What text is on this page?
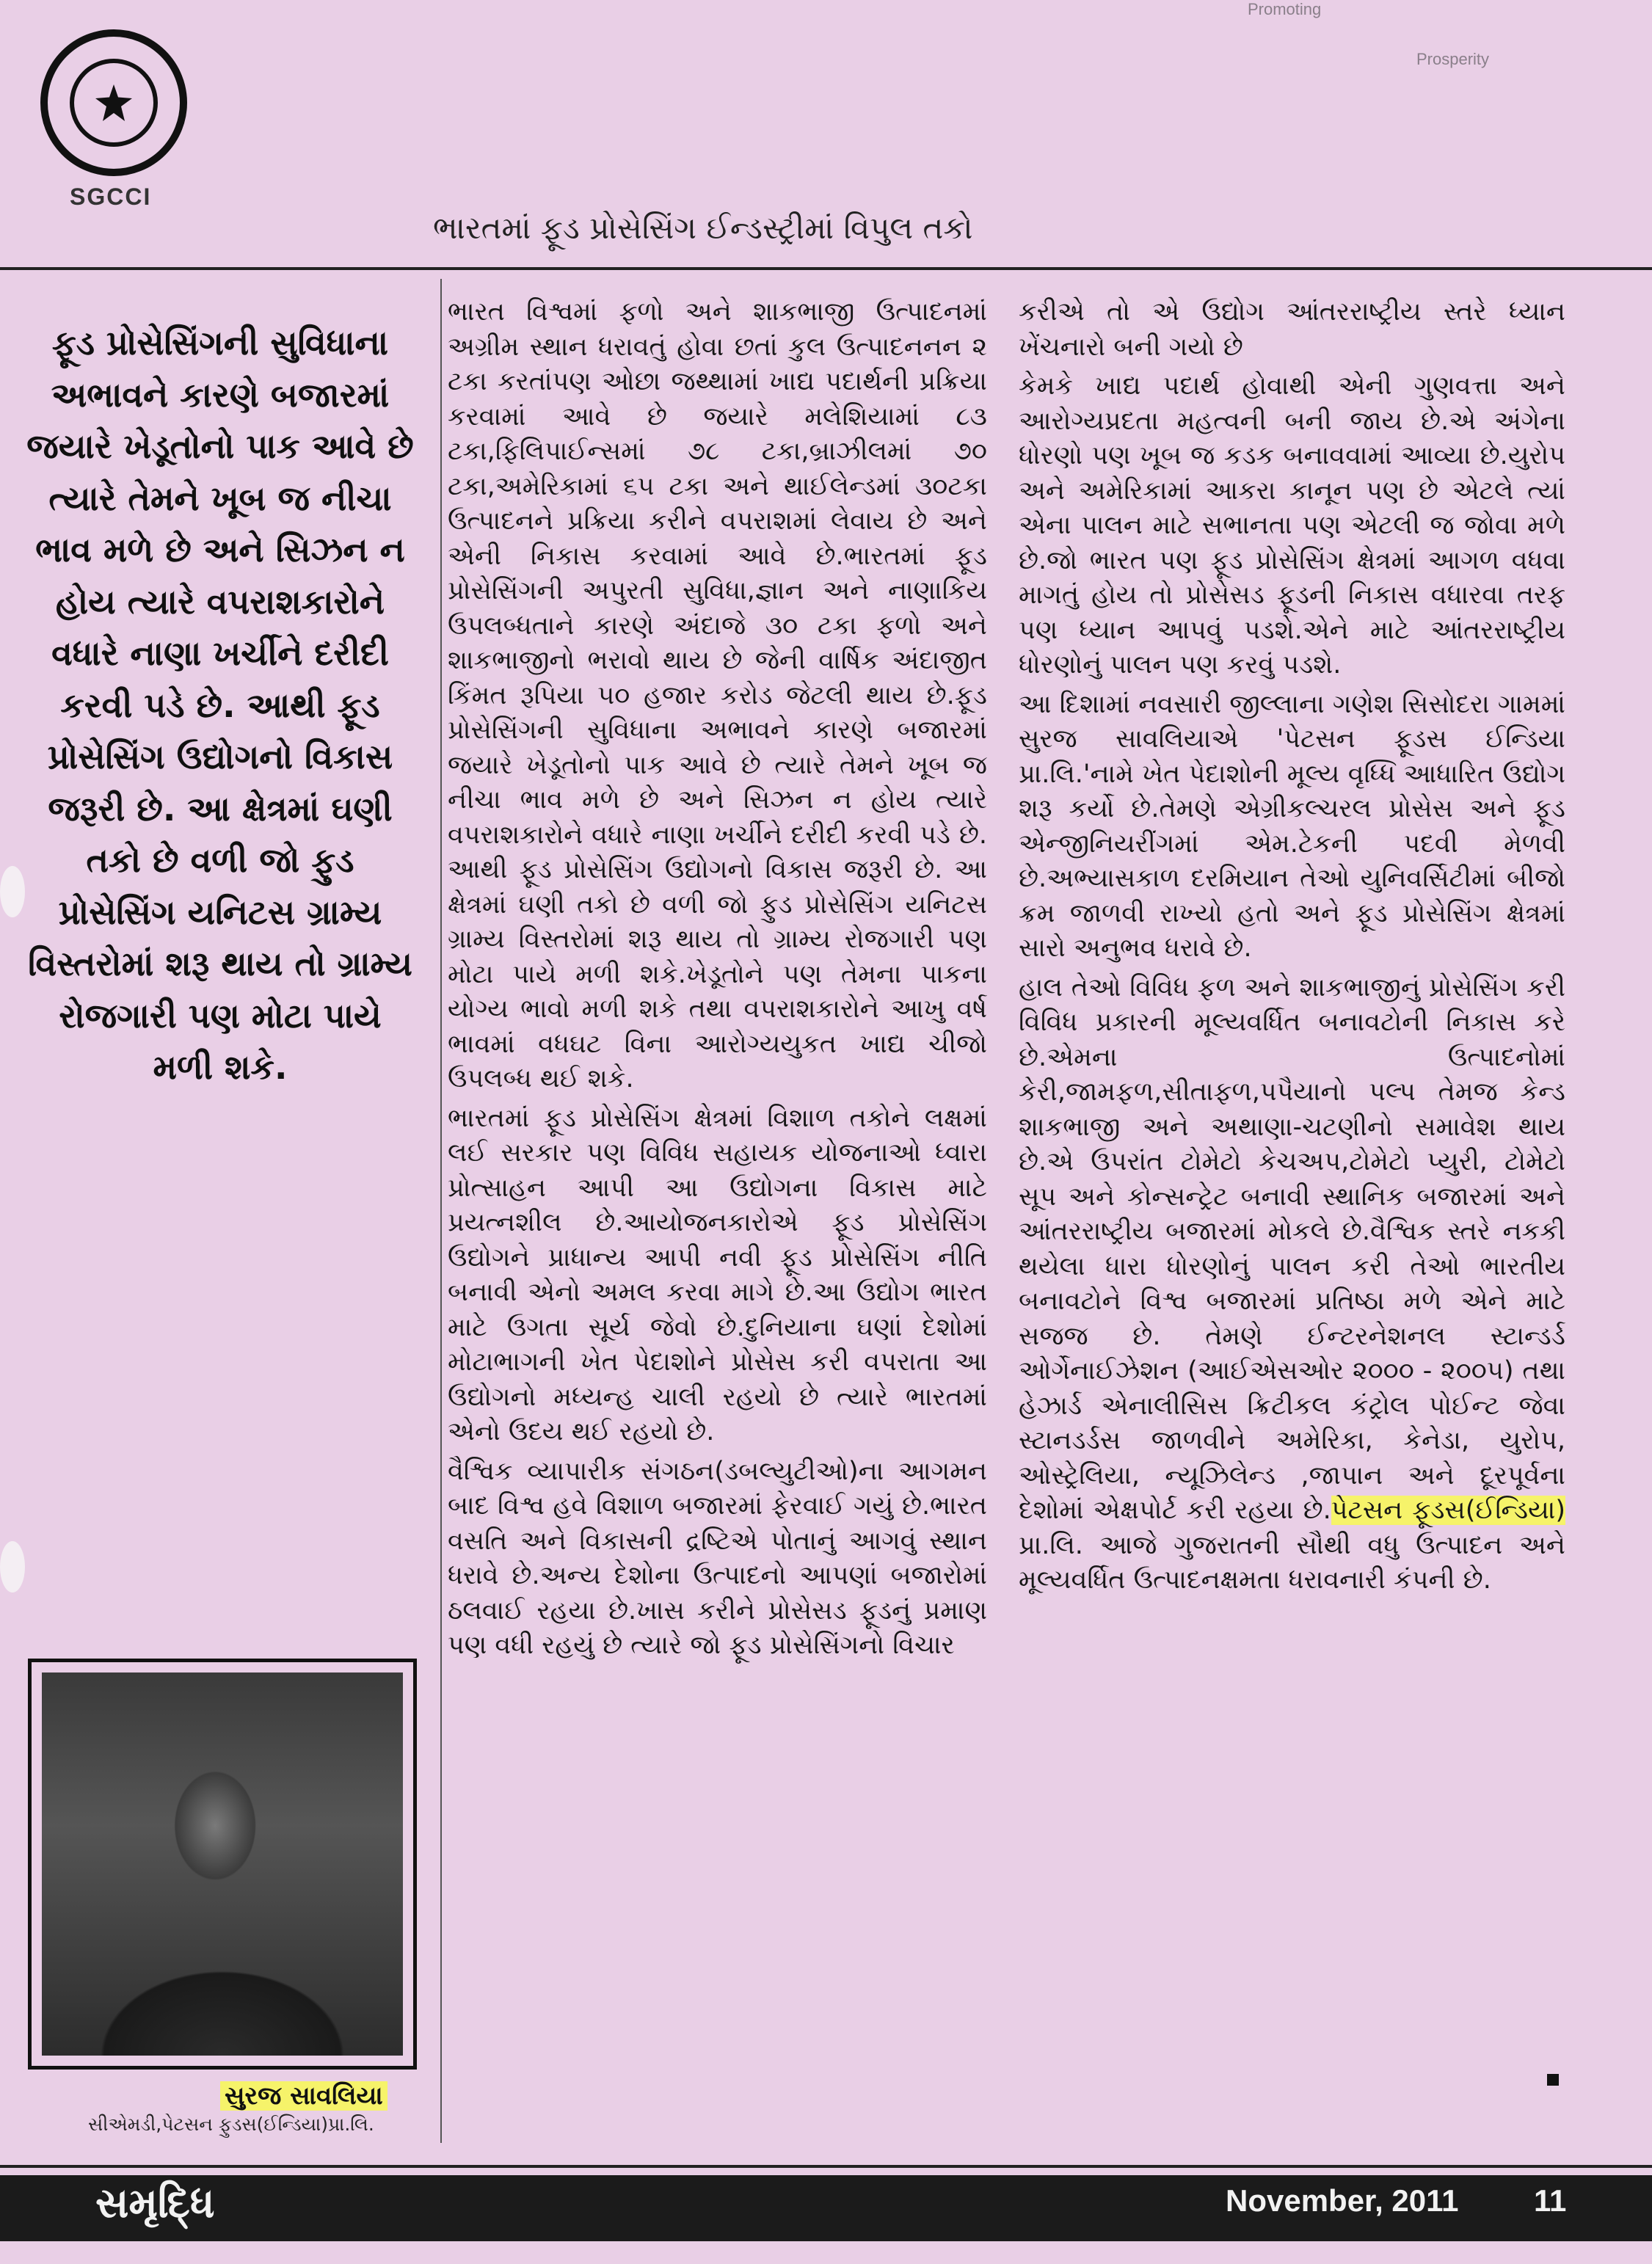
Promoting
Prosperity
SGCCI
ભારતમાં ફૂડ પ્રોસેસિંગ ઈન્ડસ્ટ્રીમાં વિપુલ તકો
ફૂડ પ્રોસેસિંગની સુવિધાના અભાવને કારણે બજારમાં જયારે ખેડૂતોનો પાક આવે છે ત્યારે તેમને ખૂબ જ નીચા ભાવ મળે છે અને સિઝન ન હોય ત્યારે વપરાશકારોને વધારે નાણા ખર્ચીને દરીદી કરવી પડે છે. આથી ફૂડ પ્રોસેસિંગ ઉદ્યોગનો વિકાસ જરૂરી છે. આ ક્ષેત્રમાં ઘણી તકો છે વળી જો ફુડ પ્રોસેસિંગ યનિટસ ગ્રામ્ય વિસ્તરોમાં શરૂ થાય તો ગ્રામ્ય રોજગારી પણ મોટા પાયે મળી શકે.
સુરજ સાવલિયા
સીએમડી,પેટસન ફુડસ(ઈન્ડિયા)પ્રા.લિ.

ભારત વિશ્વમાં ફળો અને શાકભાજી ઉત્પાદનમાં અગ્રીમ સ્થાન ધરાવતું હોવા છતાં કુલ ઉત્પાદનનન ૨ ટકા કરતાંપણ ઓછા જથ્થામાં ખાદ્ય પદાર્થની પ્રક્રિયા કરવામાં આવે છે જયારે મલેશિયામાં ૮૩ ટકા,ફિલિપાઈન્સમાં ૭૮ ટકા,બ્રાઝીલમાં ૭૦ ટકા,અમેરિકામાં ૬૫ ટકા અને થાઈલેન્ડમાં ૩૦ટકા ઉત્પાદનને પ્રક્રિયા કરીને વપરાશમાં લેવાય છે અને એની નિકાસ કરવામાં આવે છે.ભારતમાં ફૂડ પ્રોસેસિંગની અપુરતી સુવિધા,જ્ઞાન અને નાણાકિય ઉપલબ્ધતાને કારણે અંદાજે ૩૦ ટકા ફળો અને શાકભાજીનો ભરાવો થાય છે જેની વાર્ષિક અંદાજીત કિંમત રૂપિયા ૫૦ હજાર કરોડ જેટલી થાય છે.ફૂડ પ્રોસેસિંગની સુવિધાના અભાવને કારણે બજારમાં જયારે ખેડૂતોનો પાક આવે છે ત્યારે તેમને ખૂબ જ નીચા ભાવ મળે છે અને સિઝન ન હોય ત્યારે વપરાશકારોને વધારે નાણા ખર્ચીને દરીદી કરવી પડે છે. આથી ફૂડ પ્રોસેસિંગ ઉદ્યોગનો વિકાસ જરૂરી છે. આ ક્ષેત્રમાં ઘણી તકો છે વળી જો ફુડ પ્રોસેસિંગ યનિટસ ગ્રામ્ય વિસ્તરોમાં શરૂ થાય તો ગ્રામ્ય રોજગારી પણ મોટા પાયે મળી શકે.ખેડૂતોને પણ તેમના પાકના યોગ્ય ભાવો મળી શકે તથા વપરાશકારોને આખુ વર્ષ ભાવમાં વધઘટ વિના આરોગ્યયુકત ખાદ્ય ચીજો ઉપલબ્ધ થઈ શકે.

ભારતમાં ફૂડ પ્રોસેસિંગ ક્ષેત્રમાં વિશાળ તકોને લક્ષમાં લઈ સરકાર પણ વિવિધ સહાયક યોજનાઓ ધ્વારા પ્રોત્સાહન આપી આ ઉદ્યોગના વિકાસ માટે પ્રયત્નશીલ છે.આયોજનકારોએ ફૂડ પ્રોસેસિંગ ઉદ્યોગને પ્રાધાન્ય આપી નવી ફૂડ પ્રોસેસિંગ નીતિ બનાવી એનો અમલ કરવા માગે છે.આ ઉદ્યોગ ભારત માટે ઉગતા સૂર્ય જેવો છે.દુનિયાના ઘણાં દેશોમાં મોટાભાગની ખેત પેદાશોને પ્રોસેસ કરી વપરાતા આ ઉદ્યોગનો મધ્યન્હ ચાલી રહયો છે ત્યારે ભારતમાં એનો ઉદય થઈ રહયો છે.

વૈશ્વિક વ્યાપારીક સંગઠન(ડબલ્યુટીઓ)ના આગમન બાદ વિશ્વ હવે વિશાળ બજારમાં ફેરવાઈ ગયું છે.ભારત વસતિ અને વિકાસની દ્રષ્ટિએ પોતાનું આગવું સ્થાન ધરાવે છે.અન્ય દેશોના ઉત્પાદનો આપણાં બજારોમાં ઠલવાઈ રહયા છે.ખાસ કરીને પ્રોસેસડ ફૂડનું પ્રમાણ પણ વધી રહયું છે ત્યારે જો ફૂડ પ્રોસેસિંગનો વિચાર

કરીએ તો એ ઉદ્યોગ આંતરરાષ્ટ્રીય સ્તરે ધ્યાન ખેંચનારો બની ગયો છે

કેમકે ખાદ્ય પદાર્થ હોવાથી એની ગુણવત્તા અને આરોગ્યપ્રદતા મહત્વની બની જાય છે.એ અંગેના ધોરણો પણ ખૂબ જ કડક બનાવવામાં આવ્યા છે.યુરોપ અને અમેરિકામાં આકરા કાનૂન પણ છે એટલે ત્યાં એના પાલન માટે સભાનતા પણ એટલી જ જોવા મળે છે.જો ભારત પણ ફૂડ પ્રોસેસિંગ ક્ષેત્રમાં આગળ વધવા માગતું હોય તો પ્રોસેસડ ફૂડની નિકાસ વધારવા તરફ પણ ધ્યાન આપવું પડશે.એને માટે આંતરરાષ્ટ્રીય ધોરણોનું પાલન પણ કરવું પડશે.

આ દિશામાં નવસારી જીલ્લાના ગણેશ સિસોદરા ગામમાં સુરજ સાવલિયાએ 'પેટસન ફૂડસ ઈન્ડિયા પ્રા.લિ.'નામે ખેત પેદાશોની મૂલ્ય વૃધ્ધિ આધારિત ઉદ્યોગ શરૂ કર્યો છે.તેમણે એગ્રીકલ્ચરલ પ્રોસેસ અને ફૂડ એન્જીનિયરીંગમાં એમ.ટેકની પદવી મેળવી છે.અભ્યાસકાળ દરમિયાન તેઓ યુનિવર્સિટીમાં બીજો ક્રમ જાળવી રાખ્યો હતો અને ફૂડ પ્રોસેસિંગ ક્ષેત્રમાં સારો અનુભવ ધરાવે છે.

હાલ તેઓ વિવિધ ફળ અને શાકભાજીનું પ્રોસેસિંગ કરી વિવિધ પ્રકારની મૂલ્યવર્ધિત બનાવટોની નિકાસ કરે છે.એમના ઉત્પાદનોમાં કેરી,જામફળ,સીતાફળ,પપૈયાનો પલ્પ તેમજ કેન્ડ શાકભાજી અને અથાણા-ચટણીનો સમાવેશ થાય છે.એ ઉપરાંત ટોમેટો કેચઅપ,ટોમેટો પ્યુરી, ટોમેટો સૂપ અને કોન્સન્ટ્રેટ બનાવી સ્થાનિક બજારમાં અને આંતરરાષ્ટ્રીય બજારમાં મોકલે છે.વૈશ્વિક સ્તરે નકકી થયેલા ધારા ધોરણોનું પાલન કરી તેઓ ભારતીય બનાવટોને વિશ્વ બજારમાં પ્રતિષ્ઠા મળે એને માટે સજજ છે. તેમણે ઈન્ટરનેશનલ સ્ટાન્ડર્ડ ઓર્ગેનાઈઝેશન (આઈએસઓર ૨૦૦૦ - ૨૦૦૫) તથા હેઝાર્ડ એનાલીસિસ ક્રિટીકલ કંટ્રોલ પોઈન્ટ જેવા સ્ટાનડર્ડસ જાળવીને અમેરિકા, કેનેડા, યુરોપ, ઓસ્ટ્રેલિયા, ન્યૂઝિલેન્ડ ,જાપાન અને દૂરપૂર્વના દેશોમાં એક્ષપોર્ટ કરી રહયા છે.પેટસન ફૂડસ(ઈન્ડિયા) પ્રા.લિ. આજે ગુજરાતની સૌથી વધુ ઉત્પાદન અને મૂલ્યવર્ધિત ઉત્પાદનક્ષમતા ધરાવનારી કંપની છે.

સમૃદ્ધિ	November, 2011 11
